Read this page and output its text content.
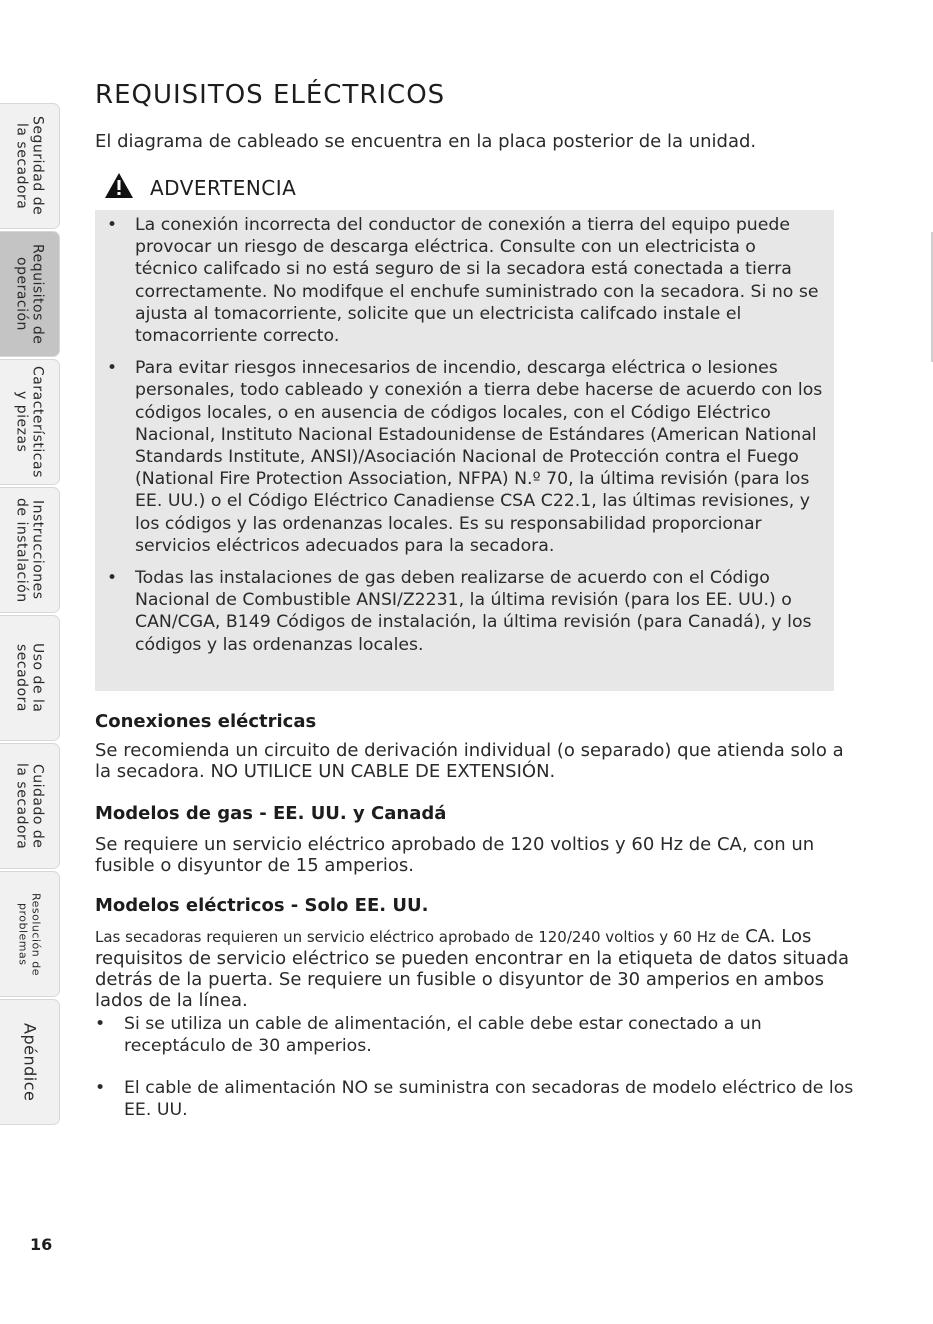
Seguridad de
la secadora
Requisitos de
operación
Características
y piezas
Instrucciones
de instalación
Uso de la
secadora
Cuidado de
la secadora
Resolución de
problemas
Apéndice
REQUISITOS ELÉCTRICOS

El diagrama de cableado se encuentra en la placa posterior de la unidad.

ADVERTENCIA
• La conexión incorrecta del conductor de conexión a tierra del equipo puede provocar un riesgo de descarga eléctrica. Consulte con un electricista o técnico califcado si no está seguro de si la secadora está conectada a tierra correctamente. No modifque el enchufe suministrado con la secadora. Si no se ajusta al tomacorriente, solicite que un electricista califcado instale el tomacorriente correcto.
• Para evitar riesgos innecesarios de incendio, descarga eléctrica o lesiones personales, todo cableado y conexión a tierra debe hacerse de acuerdo con los códigos locales, o en ausencia de códigos locales, con el Código Eléctrico Nacional, Instituto Nacional Estadounidense de Estándares (American National Standards Institute, ANSI)/Asociación Nacional de Protección contra el Fuego (National Fire Protection Association, NFPA) N.º 70, la última revisión (para los EE. UU.) o el Código Eléctrico Canadiense CSA C22.1, las últimas revisiones, y los códigos y las ordenanzas locales. Es su responsabilidad proporcionar servicios eléctricos adecuados para la secadora.
• Todas las instalaciones de gas deben realizarse de acuerdo con el Código Nacional de Combustible ANSI/Z2231, la última revisión (para los EE. UU.) o CAN/CGA, B149 Códigos de instalación, la última revisión (para Canadá), y los códigos y las ordenanzas locales.
Conexiones eléctricas

Se recomienda un circuito de derivación individual (o separado) que atienda solo a la secadora. NO UTILICE UN CABLE DE EXTENSIÓN.

Modelos de gas - EE. UU. y Canadá

Se requiere un servicio eléctrico aprobado de 120 voltios y 60 Hz de CA, con un fusible o disyuntor de 15 amperios.

Modelos eléctricos - Solo EE. UU.

Las secadoras requieren un servicio eléctrico aprobado de 120/240 voltios y 60 Hz de CA. Los requisitos de servicio eléctrico se pueden encontrar en la etiqueta de datos situada detrás de la puerta. Se requiere un fusible o disyuntor de 30 amperios en ambos lados de la línea.

• Si se utiliza un cable de alimentación, el cable debe estar conectado a un receptáculo de 30 amperios.
• El cable de alimentación NO se suministra con secadoras de modelo eléctrico de los EE. UU.
16
